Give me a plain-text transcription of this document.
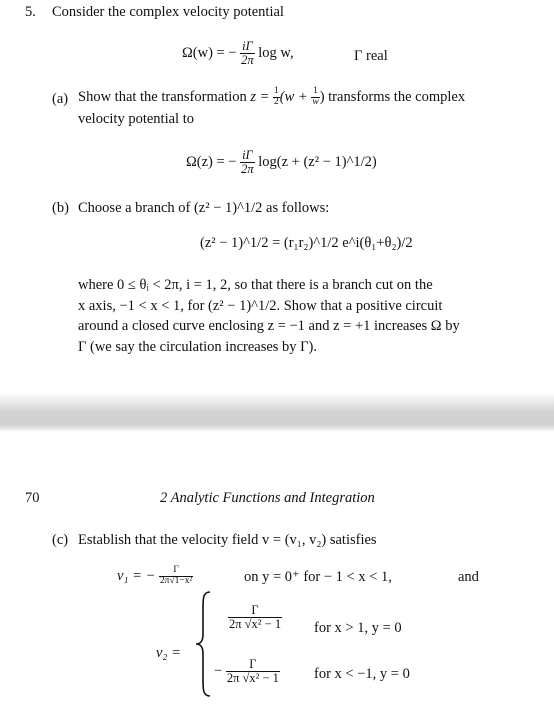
5. Consider the complex velocity potential
Ω(w) = − $\frac{i\Gamma}{2\pi}$ log w,	Γ real
(a) Show that the transformation $z = \frac{1}{2} (w + \frac{1}{w}$ ) transforms the complex
velocity potential to
Ω(z) = − $\frac{i\Gamma}{2\pi} \log(z + (z^2$ − 1)^1/2)
(b) Choose a branch of (z² − 1)^1/2 as follows:
(z² − 1)^1/2 = (r₁r₂)^1/2 e^i(θ₁+θ₂)/2
where 0 ≤ θᵢ < 2π, i = 1, 2, so that there is a branch cut on the
x axis, −1 < x < 1, for (z² − 1)^1/2. Show that a positive circuit
around a closed curve enclosing z = −1 and z = +1 increases Ω by
Γ (we say the circulation increases by Γ).
70	2 Analytic Functions and Integration
(c) Establish that the velocity field v = (v₁, v₂) satisfies
v₁ = − $\frac{\Gamma}{\text{2π√1−x²}}$	on y = 0⁺ for − 1 < x < 1,	and
v₂ =
$\frac{\Gamma}{\text{2π √x² − 1}}$ for x > 1, y = 0
− $\frac{\Gamma}{\text{2π √x² − 1}}$ for x < −1, y = 0
